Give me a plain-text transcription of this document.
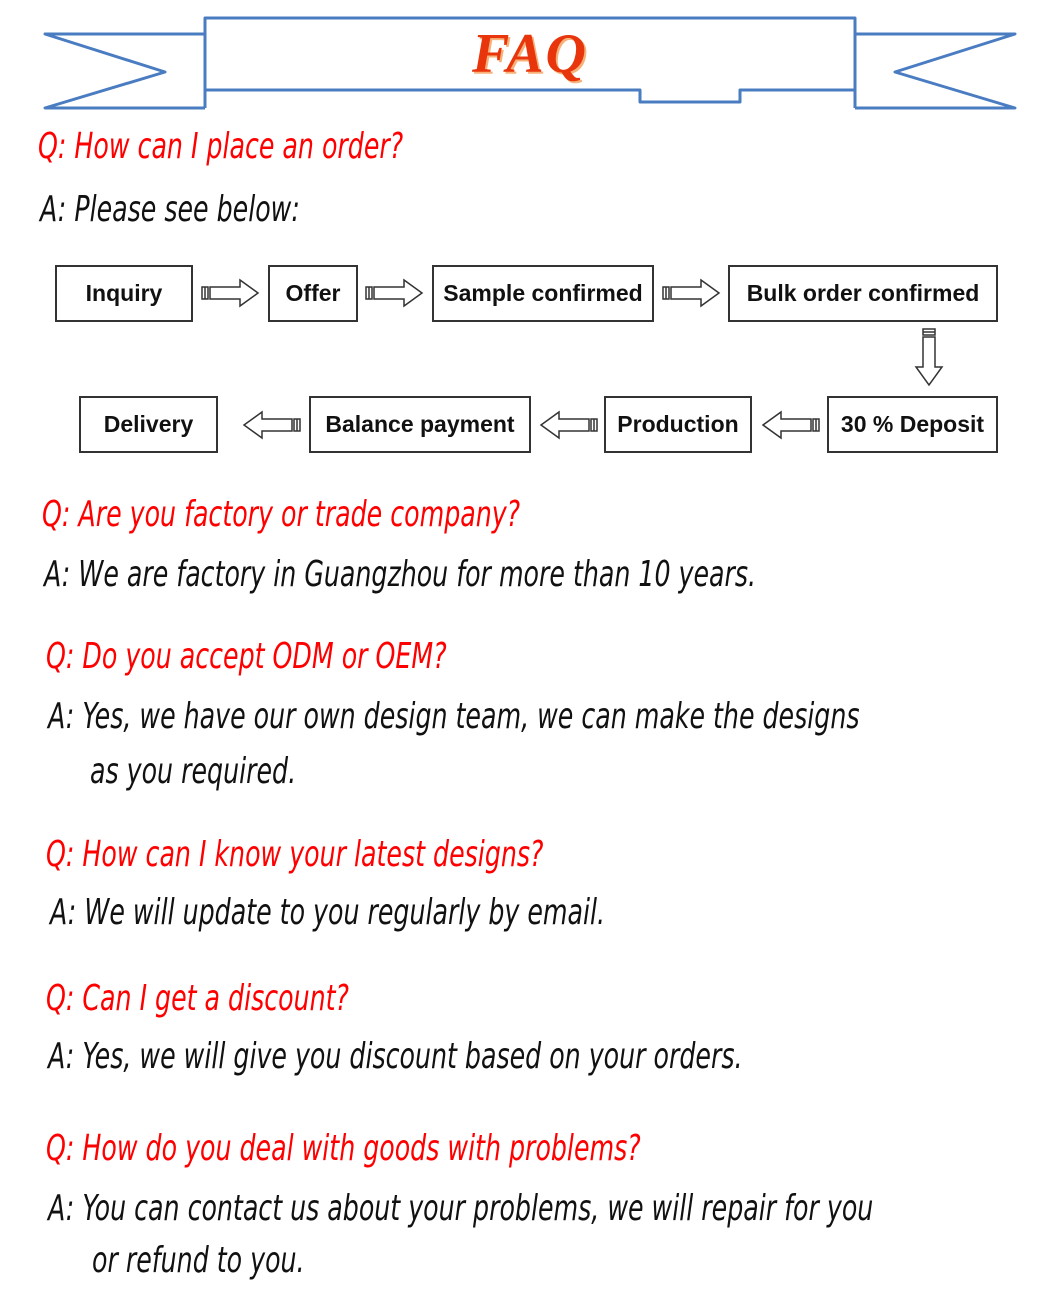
FAQ
Q: How can I place an order?
A: Please see below:
Inquiry	Offer	Sample confirmed	Bulk order confirmed
Delivery	Balance payment	Production	30 % Deposit
Q: Are you factory or trade company?
A: We are factory in Guangzhou for more than 10 years.
Q: Do you accept ODM or OEM?
A: Yes, we have our own design team, we can make the designs
as you required.
Q: How can I know your latest designs?
A: We will update to you regularly by email.
Q: Can I get a discount?
A: Yes, we will give you discount based on your orders.
Q: How do you deal with goods with problems?
A: You can contact us about your problems, we will repair for you
or refund to you.
